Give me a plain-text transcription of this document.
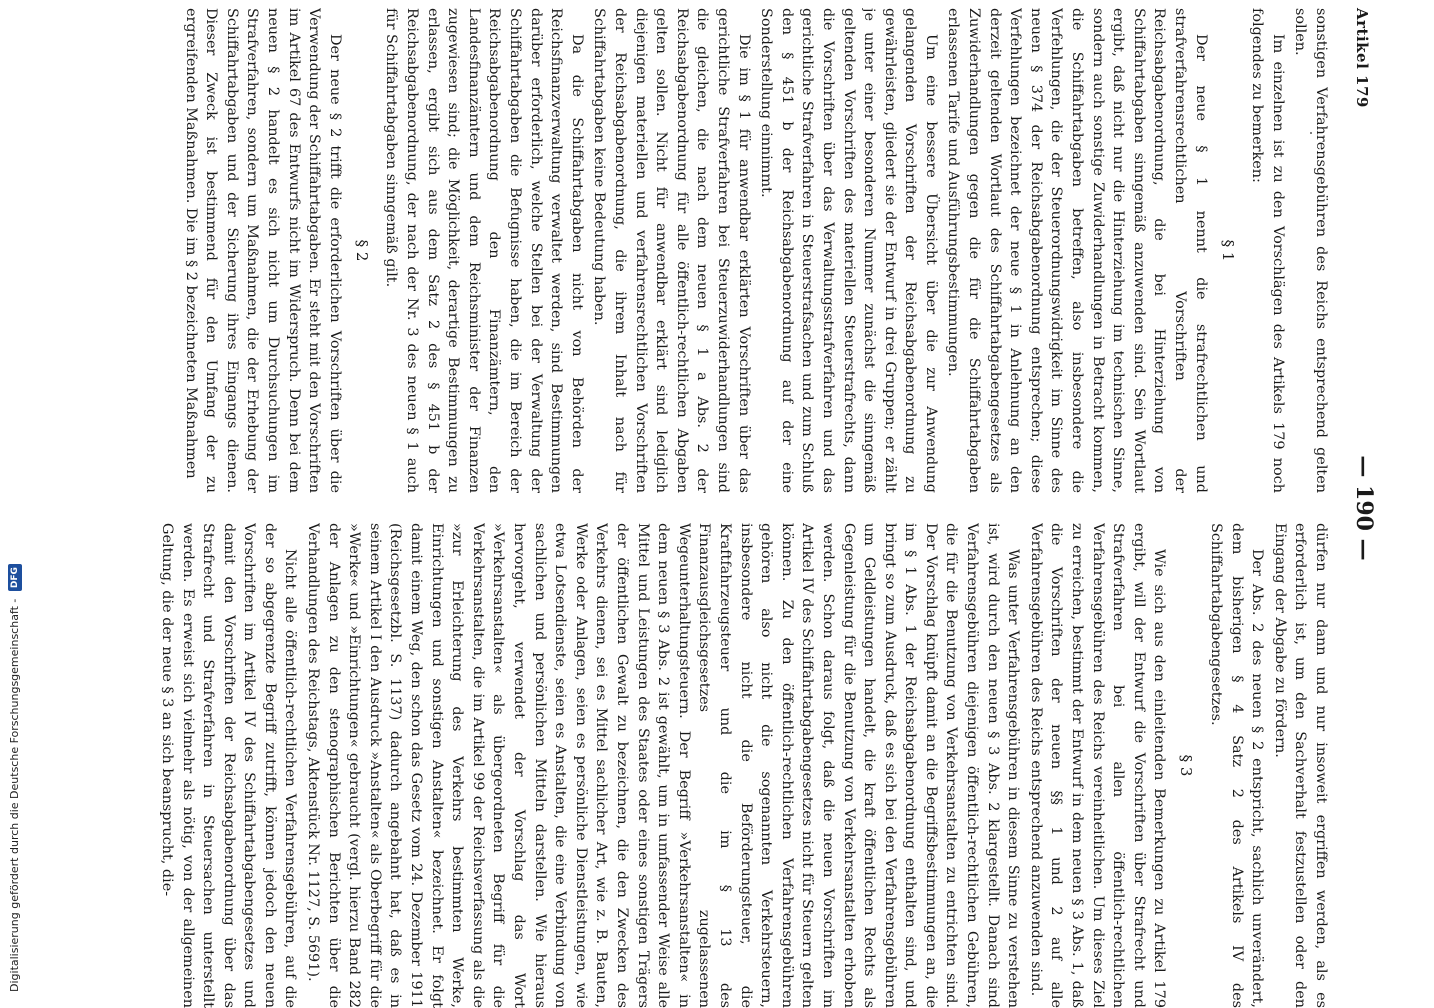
Artikel 179
— 190 —

sonstigen Verfahrensgebühren des Reichs entsprechend gelten sollen.

Im einzelnen ist zu den Vorschlägen des Artikels 179 noch folgendes zu bemerken:

§ 1

Der neue § 1 nennt die strafrechtlichen und strafverfahrensrechtlichen Vorschriften der Reichsabgabenordnung, die bei Hinterziehung von Schiffahrtabgaben sinngemäß anzuwenden sind. Sein Wortlaut ergibt, daß nicht nur die Hinterziehung im technischen Sinne, sondern auch sonstige Zuwiderhandlungen in Betracht kommen, die Schiffahrtabgaben betreffen, also insbesondere die Verfehlungen, die der Steuerordnungswidrigkeit im Sinne des neuen § 374 der Reichsabgabenordnung entsprechen; diese Verfehlungen bezeichnet der neue § 1 in Anlehnung an den derzeit geltenden Wortlaut des Schiffahrtabgabengesetzes als Zuwiderhandlungen gegen die für die Schiffahrtabgaben erlassenen Tarife und Ausführungsbestimmungen.

Um eine bessere Übersicht über die zur Anwendung gelangenden Vorschriften der Reichsabgabenordnung zu gewährleisten, gliedert sie der Entwurf in drei Gruppen; er zählt je unter einer besonderen Nummer zunächst die sinngemäß geltenden Vorschriften des materiellen Steuerstrafrechts, dann die Vorschriften über das Verwaltungsstrafverfahren und das gerichtliche Strafverfahren in Steuerstrafsachen und zum Schluß den § 451 b der Reichsabgabenordnung auf der eine Sonderstellung einnimmt.

Die im § 1 für anwendbar erklärten Vorschriften über das gerichtliche Strafverfahren bei Steuerzuwiderhandlungen sind die gleichen, die nach dem neuen § 1 a Abs. 2 der Reichsabgabenordnung für alle öffentlich-rechtlichen Abgaben gelten sollen. Nicht für anwendbar erklärt sind lediglich diejenigen materiellen und verfahrensrechtlichen Vorschriften der Reichsabgabenordnung, die ihrem Inhalt nach für Schiffahrtabgaben keine Bedeutung haben.

Da die Schiffahrtabgaben nicht von Behörden der Reichsfinanzverwaltung verwaltet werden, sind Bestimmungen darüber erforderlich, welche Stellen bei der Verwaltung der Schiffahrtabgaben die Befugnisse haben, die im Bereich der Reichsabgabenordnung den Finanzämtern, den Landesfinanzämtern und dem Reichsminister der Finanzen zugewiesen sind; die Möglichkeit, derartige Bestimmungen zu erlassen, ergibt sich aus dem Satz 2 des § 451 b der Reichsabgabenordnung, der nach der Nr. 3 des neuen § 1 auch für Schiffahrtabgaben sinngemäß gilt.

§ 2

Der neue § 2 trifft die erforderlichen Vorschriften über die Verwendung der Schiffahrtabgaben. Er steht mit den Vorschriften im Artikel 67 des Entwurfs nicht im Widerspruch. Denn bei dem neuen § 2 handelt es sich nicht um Durchsuchungen im Strafverfahren, sondern um Maßnahmen, die der Erhebung der Schiffahrtabgaben und der Sicherung ihres Eingangs dienen. Dieser Zweck ist bestimmend für den Umfang der zu ergreifenden Maßnahmen. Die im § 2 bezeichneten Maßnahmen

dürfen nur dann und nur insoweit ergriffen werden, als es erforderlich ist, um den Sachverhalt festzustellen oder den Eingang der Abgabe zu fördern.

Der Abs. 2 des neuen § 2 entspricht, sachlich unverändert, dem bisherigen § 4 Satz 2 des Artikels IV des Schiffahrtabgabengesetzes.

§ 3

Wie sich aus den einleitenden Bemerkungen zu Artikel 179 ergibt, will der Entwurf die Vorschriften über Strafrecht und Strafverfahren bei allen öffentlich-rechtlichen Verfahrensgebühren des Reichs vereinheitlichen. Um dieses Ziel zu erreichen, bestimmt der Entwurf in dem neuen § 3 Abs. 1, daß die Vorschriften der neuen §§ 1 und 2 auf alle Verfahrensgebühren des Reichs entsprechend anzuwenden sind.

Was unter Verfahrensgebühren in diesem Sinne zu verstehen ist, wird durch den neuen § 3 Abs. 2 klargestellt. Danach sind Verfahrensgebühren diejenigen öffentlich-rechtlichen Gebühren, die für die Benutzung von Verkehrsanstalten zu entrichten sind. Der Vorschlag knüpft damit an die Begriffsbestimmungen an, die im § 1 Abs. 1 der Reichsabgabenordnung enthalten sind, und bringt so zum Ausdruck, daß es sich bei den Verfahrensgebühren um Geldleistungen handelt, die kraft öffentlichen Rechts als Gegenleistung für die Benutzung von Verkehrsanstalten erhoben werden. Schon daraus folgt, daß die neuen Vorschriften im Artikel IV des Schiffahrtabgabengesetzes nicht für Steuern gelten können. Zu den öffentlich-rechtlichen Verfahrensgebühren gehören also nicht die sogenannten Verkehrsteuern, insbesondere nicht die Beförderungsteuer, die Kraftfahrzeugsteuer und die im § 13 des Finanzausgleichsgesetzes zugelassenen Wegeunterhaltungsteuern. Der Begriff »Verkehrsanstalten« in dem neuen § 3 Abs. 2 ist gewählt, um in umfassender Weise alle Mittel und Leistungen des Staates oder eines sonstigen Trägers der öffentlichen Gewalt zu bezeichnen, die den Zwecken des Verkehrs dienen, sei es Mittel sachlicher Art, wie z. B. Bauten, Werke oder Anlagen, seien es persönliche Dienstleistungen, wie etwa Lotsendienste, seien es Anstalten, die eine Verbindung von sachlichen und persönlichen Mitteln darstellen. Wie hieraus hervorgeht, verwendet der Vorschlag das Wort »Verkehrsanstalten« als übergeordneten Begriff für die Verkehrsanstalten, die im Artikel 99 der Reichsverfassung als die »zur Erleichterung des Verkehrs bestimmten Werke, Einrichtungen und sonstigen Anstalten« bezeichnet. Er folgt damit einem Weg, den schon das Gesetz vom 24. Dezember 1911 (Reichsgesetzbl. S. 1137) dadurch angebahnt hat, daß es in seinem Artikel I den Ausdruck »Anstalten« als Oberbegriff für die »Werke« und »Einrichtungen« gebraucht (vergl. hierzu Band 282 der Anlagen zu den stenographischen Berichten über die Verhandlungen des Reichstags, Aktenstück Nr. 1127, S. 5691).

Nicht alle öffentlich-rechtlichen Verfahrensgebühren, auf die der so abgegrenzte Begriff zutrifft, können jedoch den neuen Vorschriften im Artikel IV des Schiffahrtabgabengesetzes und damit den Vorschriften der Reichsabgabenordnung über das Strafrecht und Strafverfahren in Steuersachen unterstellt werden. Es erweist sich vielmehr als nötig, von der allgemeinen Geltung, die der neue § 3 an sich beansprucht, die-

Digitalisierung gefördert durch die Deutsche Forschungsgemeinschaft - DFG
